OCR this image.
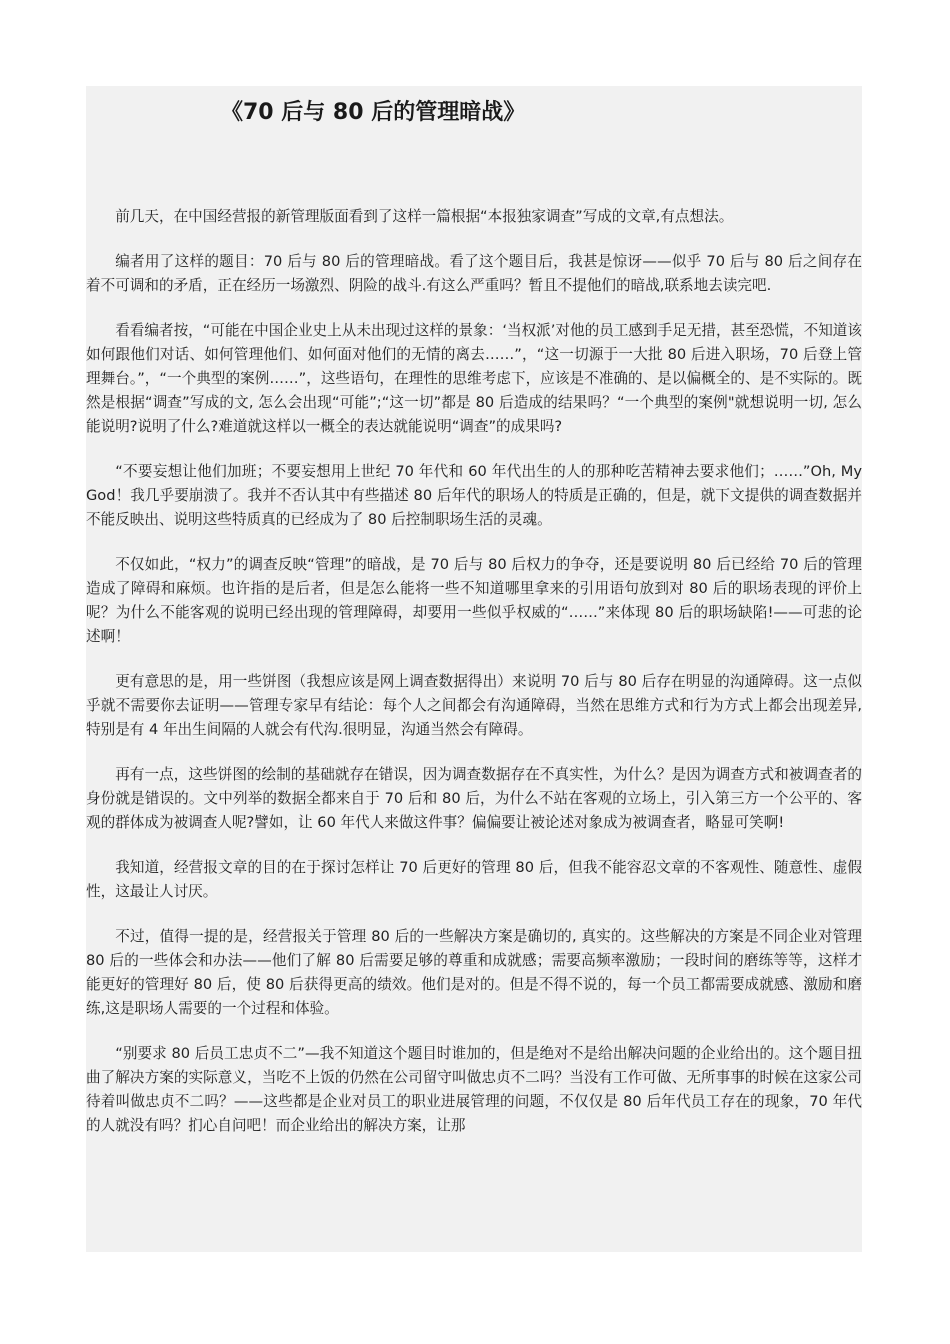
《70 后与 80 后的管理暗战》

前几天，在中国经营报的新管理版面看到了这样一篇根据“本报独家调查”写成的文章,有点想法。

编者用了这样的题目：70 后与 80 后的管理暗战。看了这个题目后，我甚是惊讶——似乎 70 后与 80 后之间存在着不可调和的矛盾，正在经历一场激烈、阴险的战斗.有这么严重吗？暂且不提他们的暗战,联系地去读完吧.

看看编者按，“可能在中国企业史上从未出现过这样的景象：‘当权派’对他的员工感到手足无措，甚至恐慌，不知道该如何跟他们对话、如何管理他们、如何面对他们的无情的离去……”，“这一切源于一大批 80 后进入职场，70 后登上管理舞台。”，“一个典型的案例……”，这些语句，在理性的思维考虑下，应该是不准确的、是以偏概全的、是不实际的。既然是根据“调查”写成的文, 怎么会出现“可能”;“这一切”都是 80 后造成的结果吗？“一个典型的案例"就想说明一切, 怎么能说明?说明了什么?难道就这样以一概全的表达就能说明“调查”的成果吗?

“不要妄想让他们加班；不要妄想用上世纪 70 年代和 60 年代出生的人的那种吃苦精神去要求他们；……”Oh, My God！我几乎要崩溃了。我并不否认其中有些描述 80 后年代的职场人的特质是正确的，但是，就下文提供的调查数据并不能反映出、说明这些特质真的已经成为了 80 后控制职场生活的灵魂。

不仅如此，“权力”的调查反映“管理”的暗战，是 70 后与 80 后权力的争夺，还是要说明 80 后已经给 70 后的管理造成了障碍和麻烦。也许指的是后者，但是怎么能将一些不知道哪里拿来的引用语句放到对 80 后的职场表现的评价上呢？为什么不能客观的说明已经出现的管理障碍，却要用一些似乎权威的“……”来体现 80 后的职场缺陷!——可悲的论述啊！

更有意思的是，用一些饼图（我想应该是网上调查数据得出）来说明 70 后与 80 后存在明显的沟通障碍。这一点似乎就不需要你去证明——管理专家早有结论：每个人之间都会有沟通障碍，当然在思维方式和行为方式上都会出现差异, 特别是有 4 年出生间隔的人就会有代沟.很明显，沟通当然会有障碍。

再有一点，这些饼图的绘制的基础就存在错误，因为调查数据存在不真实性，为什么？是因为调查方式和被调查者的身份就是错误的。文中列举的数据全都来自于 70 后和 80 后，为什么不站在客观的立场上，引入第三方一个公平的、客观的群体成为被调查人呢?譬如，让 60 年代人来做这件事？偏偏要让被论述对象成为被调查者，略显可笑啊!

我知道，经营报文章的目的在于探讨怎样让 70 后更好的管理 80 后，但我不能容忍文章的不客观性、随意性、虚假性，这最让人讨厌。

不过，值得一提的是，经营报关于管理 80 后的一些解决方案是确切的, 真实的。这些解决的方案是不同企业对管理 80 后的一些体会和办法——他们了解 80 后需要足够的尊重和成就感；需要高频率激励；一段时间的磨练等等，这样才能更好的管理好 80 后，使 80 后获得更高的绩效。他们是对的。但是不得不说的，每一个员工都需要成就感、激励和磨练,这是职场人需要的一个过程和体验。

“别要求 80 后员工忠贞不二”—我不知道这个题目时谁加的，但是绝对不是给出解决问题的企业给出的。这个题目扭曲了解决方案的实际意义，当吃不上饭的仍然在公司留守叫做忠贞不二吗？当没有工作可做、无所事事的时候在这家公司待着叫做忠贞不二吗？——这些都是企业对员工的职业进展管理的问题，不仅仅是 80 后年代员工存在的现象，70 年代的人就没有吗？扪心自问吧！而企业给出的解决方案，让那
